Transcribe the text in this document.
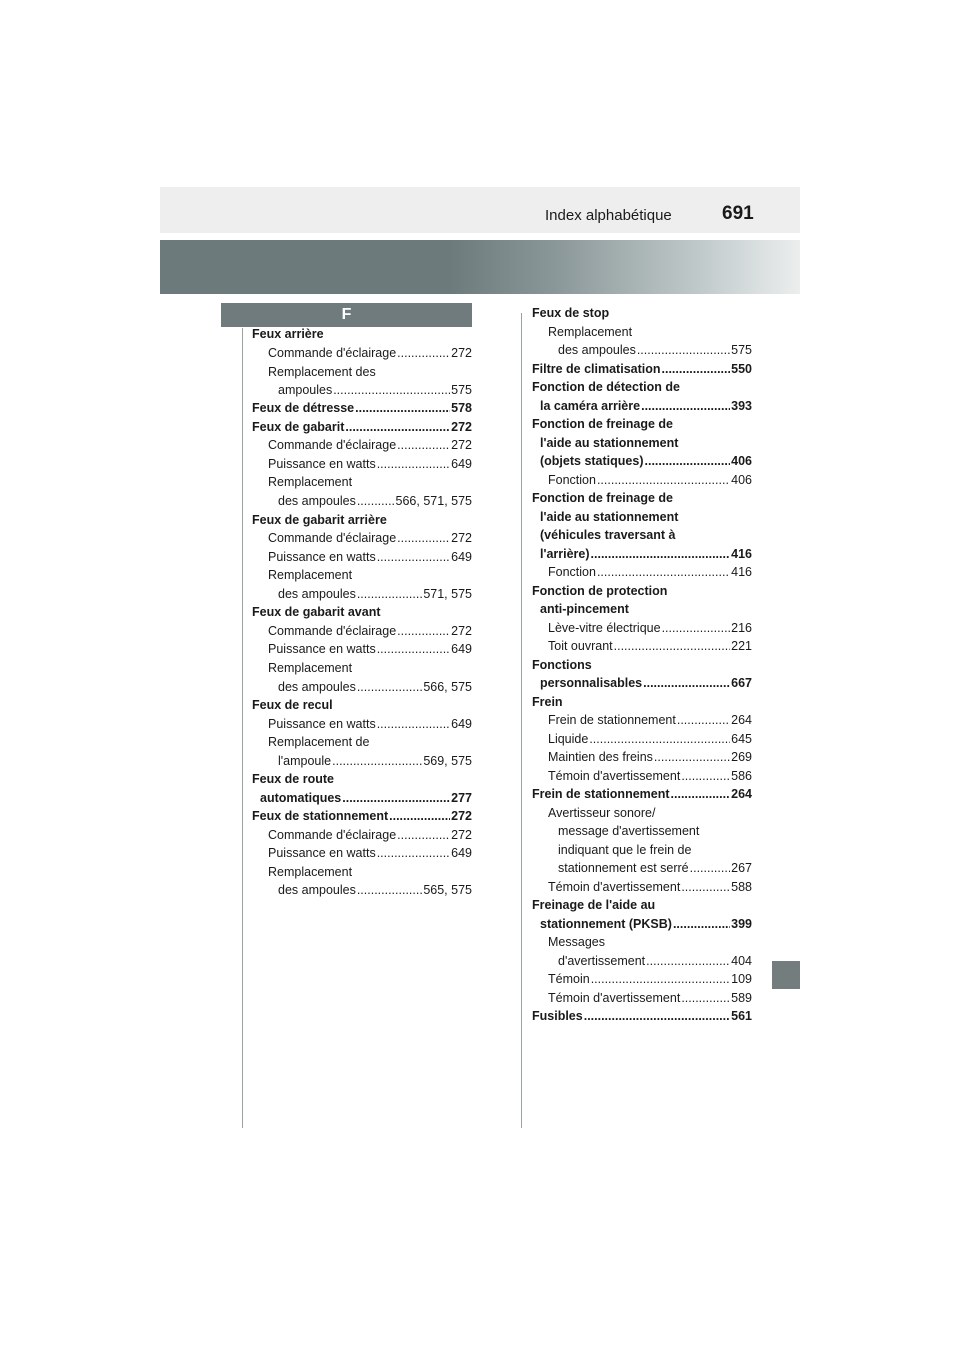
Index alphabétique	691
F
Feux arrière
Commande d'éclairage .....	272
Remplacement des
ampoules .....	575
Feux de détresse .....	578
Feux de gabarit .....	272
Commande d'éclairage .....	272
Puissance en watts .....	649
Remplacement
des ampoules .....	566, 571, 575
Feux de gabarit arrière
Commande d'éclairage .....	272
Puissance en watts .....	649
Remplacement
des ampoules .....	571, 575
Feux de gabarit avant
Commande d'éclairage .....	272
Puissance en watts .....	649
Remplacement
des ampoules .....	566, 575
Feux de recul
Puissance en watts .....	649
Remplacement de
l'ampoule .....	569, 575
Feux de route
automatiques .....	277
Feux de stationnement .....	272
Commande d'éclairage .....	272
Puissance en watts .....	649
Remplacement
des ampoules .....	565, 575
Feux de stop
Remplacement
des ampoules .....	575
Filtre de climatisation .....	550
Fonction de détection de
la caméra arrière .....	393
Fonction de freinage de
l'aide au stationnement
(objets statiques) .....	406
Fonction .....	406
Fonction de freinage de
l'aide au stationnement
(véhicules traversant à
l'arrière) .....	416
Fonction .....	416
Fonction de protection
anti-pincement
Lève-vitre électrique .....	216
Toit ouvrant .....	221
Fonctions
personnalisables .....	667
Frein
Frein de stationnement .....	264
Liquide .....	645
Maintien des freins .....	269
Témoin d'avertissement .....	586
Frein de stationnement .....	264
Avertisseur sonore/
message d'avertissement
indiquant que le frein de
stationnement est serré .....	267
Témoin d'avertissement .....	588
Freinage de l'aide au
stationnement (PKSB) .....	399
Messages
d'avertissement .....	404
Témoin .....	109
Témoin d'avertissement .....	589
Fusibles .....	561
